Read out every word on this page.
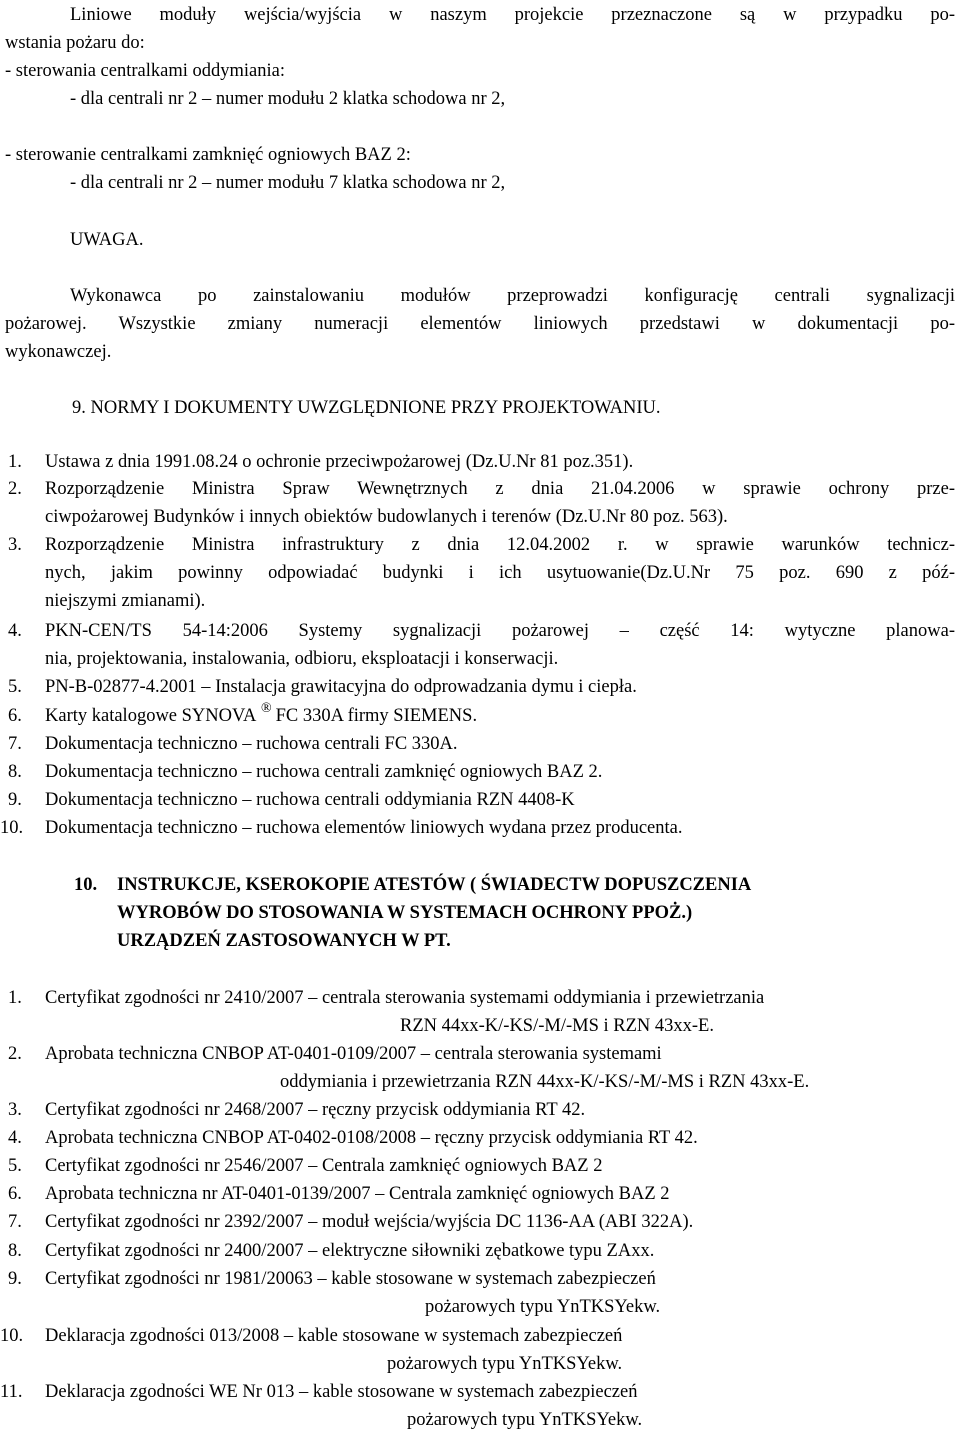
Liniowe moduły wejścia/wyjścia w naszym projekcie przeznaczone są w przypadku po-
wstania pożaru do:
- sterowania centralkami oddymiania:
- dla centrali nr 2 – numer modułu 2 klatka schodowa nr 2,
- sterowanie centralkami zamknięć ogniowych BAZ 2:
- dla centrali nr 2 – numer modułu 7 klatka schodowa nr 2,
UWAGA.
Wykonawca po zainstalowaniu modułów przeprowadzi konfigurację centrali sygnalizacji
pożarowej. Wszystkie zmiany numeracji elementów liniowych przedstawi w dokumentacji po-
wykonawczej.
9. NORMY I DOKUMENTY UWZGLĘDNIONE PRZY PROJEKTOWANIU.
1. Ustawa z dnia 1991.08.24 o ochronie przeciwpożarowej (Dz.U.Nr 81 poz.351).
2. Rozporządzenie Ministra Spraw Wewnętrznych z dnia 21.04.2006 w sprawie ochrony prze-
ciwpożarowej Budynków i innych obiektów budowlanych i terenów (Dz.U.Nr 80 poz. 563).
3. Rozporządzenie Ministra infrastruktury z dnia 12.04.2002 r. w sprawie warunków technicz-
nych, jakim powinny odpowiadać budynki i ich usytuowanie(Dz.U.Nr 75 poz. 690 z póź-
niejszymi zmianami).
4. PKN-CEN/TS 54-14:2006 Systemy sygnalizacji pożarowej – część 14: wytyczne planowa-
nia, projektowania, instalowania, odbioru, eksploatacji i konserwacji.
5. PN-B-02877-4.2001 – Instalacja grawitacyjna do odprowadzania dymu i ciepła.
6. Karty katalogowe SYNOVA ® FC 330A firmy SIEMENS.
7. Dokumentacja techniczno – ruchowa centrali FC 330A.
8. Dokumentacja techniczno – ruchowa centrali zamknięć ogniowych BAZ 2.
9. Dokumentacja techniczno – ruchowa centrali oddymiania RZN 4408-K
10. Dokumentacja techniczno – ruchowa elementów liniowych wydana przez producenta.
10. INSTRUKCJE, KSEROKOPIE ATESTÓW ( ŚWIADECTW DOPUSZCZENIA
WYROBÓW DO STOSOWANIA W SYSTEMACH OCHRONY PPOŻ.)
URZĄDZEŃ ZASTOSOWANYCH W PT.
1. Certyfikat zgodności nr 2410/2007 – centrala sterowania systemami oddymiania i przewietrzania
RZN 44xx-K/-KS/-M/-MS i RZN 43xx-E.
2. Aprobata techniczna CNBOP AT-0401-0109/2007 – centrala sterowania systemami
oddymiania i przewietrzania RZN 44xx-K/-KS/-M/-MS i RZN 43xx-E.
3. Certyfikat zgodności nr 2468/2007 – ręczny przycisk oddymiania RT 42.
4. Aprobata techniczna CNBOP AT-0402-0108/2008 – ręczny przycisk oddymiania RT 42.
5. Certyfikat zgodności nr 2546/2007 – Centrala zamknięć ogniowych BAZ 2
6. Aprobata techniczna nr AT-0401-0139/2007 – Centrala zamknięć ogniowych BAZ 2
7. Certyfikat zgodności nr 2392/2007 – moduł wejścia/wyjścia DC 1136-AA (ABI 322A).
8. Certyfikat zgodności nr 2400/2007 – elektryczne siłowniki zębatkowe typu ZAxx.
9. Certyfikat zgodności nr 1981/20063 – kable stosowane w systemach zabezpieczeń
pożarowych typu YnTKSYekw.
10. Deklaracja zgodności 013/2008 – kable stosowane w systemach zabezpieczeń
pożarowych typu YnTKSYekw.
11. Deklaracja zgodności WE Nr 013 – kable stosowane w systemach zabezpieczeń
pożarowych typu YnTKSYekw.
